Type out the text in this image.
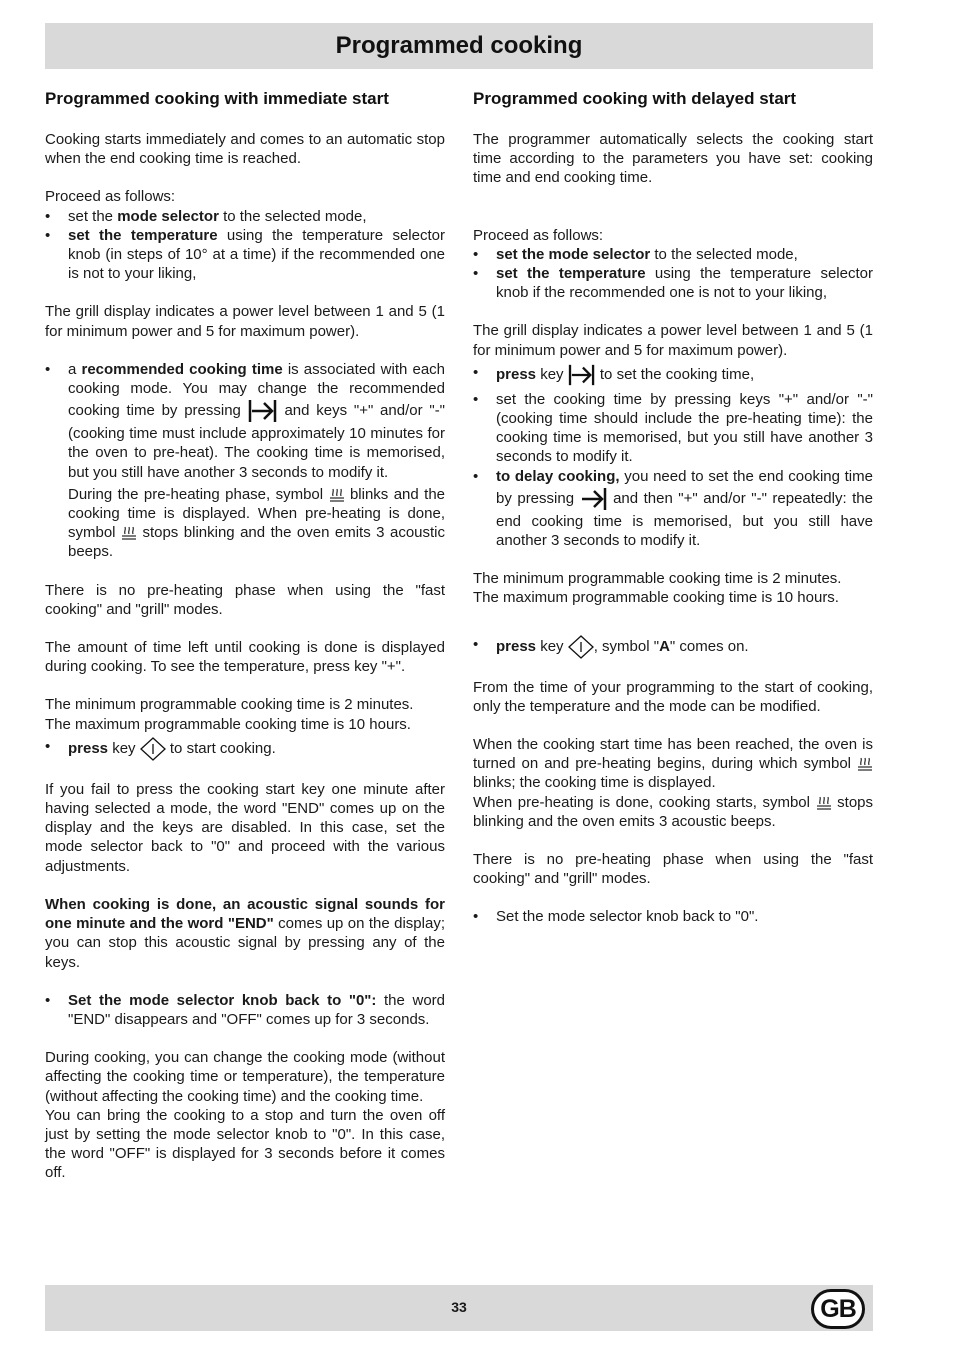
Programmed cooking
Programmed cooking with immediate start

Cooking starts immediately and comes to an automatic stop when the end cooking time is reached.

Proceed as follows:

• set the mode selector to the selected mode,
• set the temperature using the temperature selector knob (in steps of 10° at a time) if the recommended one is not to your liking,

The grill display indicates a power level between 1 and 5 (1 for minimum power and 5 for maximum power).

• a recommended cooking time is associated with each cooking mode. You may change the recommended cooking time by pressing	and keys "+" and/or "-" (cooking time must include approximately 10 minutes for the oven to pre-heat). The cooking time is memorised, but you still have another 3 seconds to modify it.
During the pre-heating phase, symbol blinks and the cooking time is displayed. When pre-heating is done, symbol stops blinking and the oven emits 3 acoustic beeps.

There is no pre-heating phase when using the "fast cooking" and "grill" modes.

The amount of time left until cooking is done is displayed during cooking. To see the temperature, press key "+".

The minimum programmable cooking time is 2 minutes.

The maximum programmable cooking time is 10 hours.

• press key  to start cooking.

If you fail to press the cooking start key one minute after having selected a mode, the word "END" comes up on the display and the keys are disabled. In this case, set the mode selector back to "0" and proceed with the various adjustments.

When cooking is done, an acoustic signal sounds for one minute and the word "END" comes up on the display; you can stop this acoustic signal by pressing any of the keys.

• Set the mode selector knob back to "0": the word "END" disappears and "OFF" comes up for 3 seconds.

During cooking, you can change the cooking mode (without affecting the cooking time or temperature), the temperature (without affecting the cooking time) and the cooking time.

You can bring the cooking to a stop and turn the oven off just by setting the mode selector knob to "0". In this case, the word "OFF" is displayed for 3 seconds before it comes off.

Programmed cooking with delayed start

The programmer automatically selects the cooking start time according to the parameters you have set: cooking time and end cooking time.

Proceed as follows:

• set the mode selector to the selected mode,
• set the temperature using the temperature selector knob if the recommended one is not to your liking,

The grill display indicates a power level between 1 and 5 (1 for minimum power and 5 for maximum power).

• press key  to set the cooking time,
• set the cooking time by pressing keys "+" and/or "-" (cooking time should include the pre-heating time): the cooking time is memorised, but you still have another 3 seconds to modify it.
• to delay cooking, you need to set the end cooking time by pressing	and then "+" and/or "-" repeatedly: the end cooking time is memorised, but you still have another 3 seconds to modify it.

The minimum programmable cooking time is 2 minutes.

The maximum programmable cooking time is 10 hours.

• press key , symbol "A" comes on.

From the time of your programming to the start of cooking, only the temperature and the mode can be modified.

When the cooking start time has been reached, the oven is turned on and pre-heating begins, during which symbol  blinks; the cooking time is displayed.

When pre-heating is done, cooking starts, symbol stops blinking and the oven emits 3 acoustic beeps.

There is no pre-heating phase when using the "fast cooking" and "grill" modes.

• Set the mode selector knob back to "0".
33	GB
